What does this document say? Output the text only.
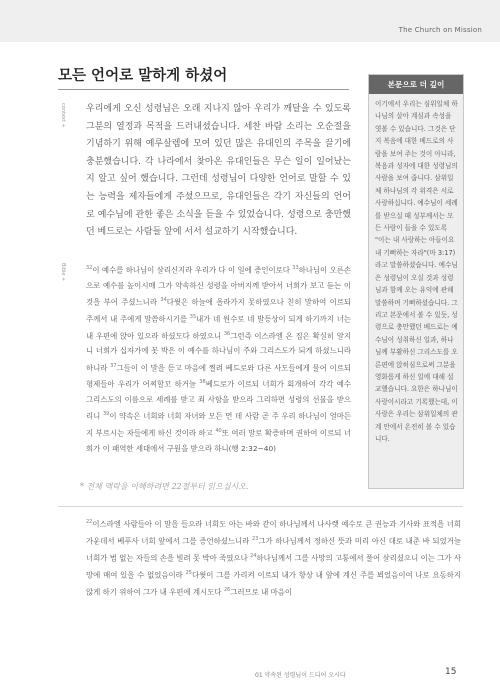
The Church on Mission
모든 언어로 말하게 하셨어
context +
Bible +

우리에게 오신 성령님은 오래 지나지 않아 우리가 깨달을 수 있도록 그분의 열정과 목적을 드러내셨습니다. 세찬 바람 소리는 오순절을 기념하기 위해 예루살렘에 모여 있던 많은 유대인의 주목을 끌기에 충분했습니다. 각 나라에서 찾아온 유대인들은 무슨 일이 일어났는지 알고 싶어 했습니다. 그런데 성령님이 다양한 언어로 말할 수 있는 능력을 제자들에게 주셨으므로, 유대인들은 각기 자신들의 언어로 예수님에 관한 좋은 소식을 듣을 수 있었습니다. 성령으로 충만했던 베드로는 사람들 앞에 서서 설교하기 시작했습니다.

$^{32}$이 예수를 하나님이 살리신지라 우리가 다 이 일에 증인이로다 $^{33}$하나님이 오른손으로 예수를 높이시매 그가 약속하신 성령을 아버지께 받아서 너희가 보고 듣는 이것을 부어 주셨느니라 $^{34}$다윗은 하늘에 올라가지 못하였으나 친히 말하여 이르되 주께서 내 주에게 말씀하시기를 $^{35}$내가 네 원수로 네 발등상이 되게 하기까지 너는 내 우편에 앉아 있으라 하셨도다 하였으니 $^{36}$그런즉 이스라엘 온 집은 확실히 알지니 너희가 십자가에 못 박은 이 예수를 하나님이 주와 그리스도가 되게 하셨느니라 하니라 $^{37}$그들이 이 말을 듣고 마음에 찔려 베드로와 다른 사도들에게 물어 이르되 형제들아 우리가 어찌할꼬 하거늘 $^{38}$베드로가 이르되 너희가 회개하여 각각 예수 그리스도의 이름으로 세례를 받고 죄 사함을 받으라 그리하면 성령의 선물을 받으리니 $^{39}$이 약속은 너희와 너희 자녀와 모든 먼 데 사람 곧 주 우리 하나님이 얼마든지 부르시는 자들에게 하신 것이라 하고 $^{40}$또 여러 말로 확증하며 권하여 이르되 너희가 이 패역한 세대에서 구원을 받으라 하니(행 2:32~40)

* 전체 맥락을 이해하려면 22절부터 읽으십시오.

$^{22}$이스라엘 사람들아 이 말을 들으라 너희도 아는 바와 같이 하나님께서 나사렛 예수로 큰 권능과 기사와 표적을 너희 가운데서 베푸사 너희 앞에서 그를 증언하셨느니라 $^{23}$그가 하나님께서 정하신 뜻과 미리 아신 대로 내준 바 되었거늘 너희가 법 없는 자들의 손을 빌려 못 박아 죽였으나 $^{24}$하나님께서 그를 사망의 고통에서 풀어 살리셨으니 이는 그가 사망에 매여 있을 수 없었음이라 $^{25}$다윗이 그를 가리켜 이르되 내가 항상 내 앞에 계신 주를 뵈었음이여 나로 요동하지 않게 하기 위하여 그가 내 우편에 계시도다 $^{26}$그러므로 내 마음이

본문으로 더 깊이

이기에서 우리는 심위일체 하나님의 살아 계심과 속성을 엿볼 수 있습니다. 그것은 단지 복음에 대한 베드로의 사람을 보여 주는 것이 아니라, 복음과 성자에 대한 성령님의 사람을 보여 줍니다. 삼위일체 하나님의 각 위격은 서로 사랑하십니다. 예수님이 세례를 받으실 때 성부께서는 모든 사람이 들을 수 있도록 "이는 내 사랑하는 아들이요 내 기뻐하는 자라"(마 3:17)라고 말씀하셨습니다. 예수님은 성령님이 오실 것과 성령님과 함께 오는 유익에 관해 말씀하며 기뻐하셨습니다. 그리고 본문에서 볼 수 있듯, 성령으로 충만했던 베드로는 예수님이 성취하신 일과, 하나님께 부활하신 그리스도를 오른편에 앉히심으로써 그분을 영화롭게 하신 일에 대해 설교했습니다. 요한은 하나님이 사랑이시라고 기록했는데, 이 사랑은 우리는 삼위일체의 관계 안에서 온전히 볼 수 있습니다.

01 약속된 성령님이 드디어 오시다	15
